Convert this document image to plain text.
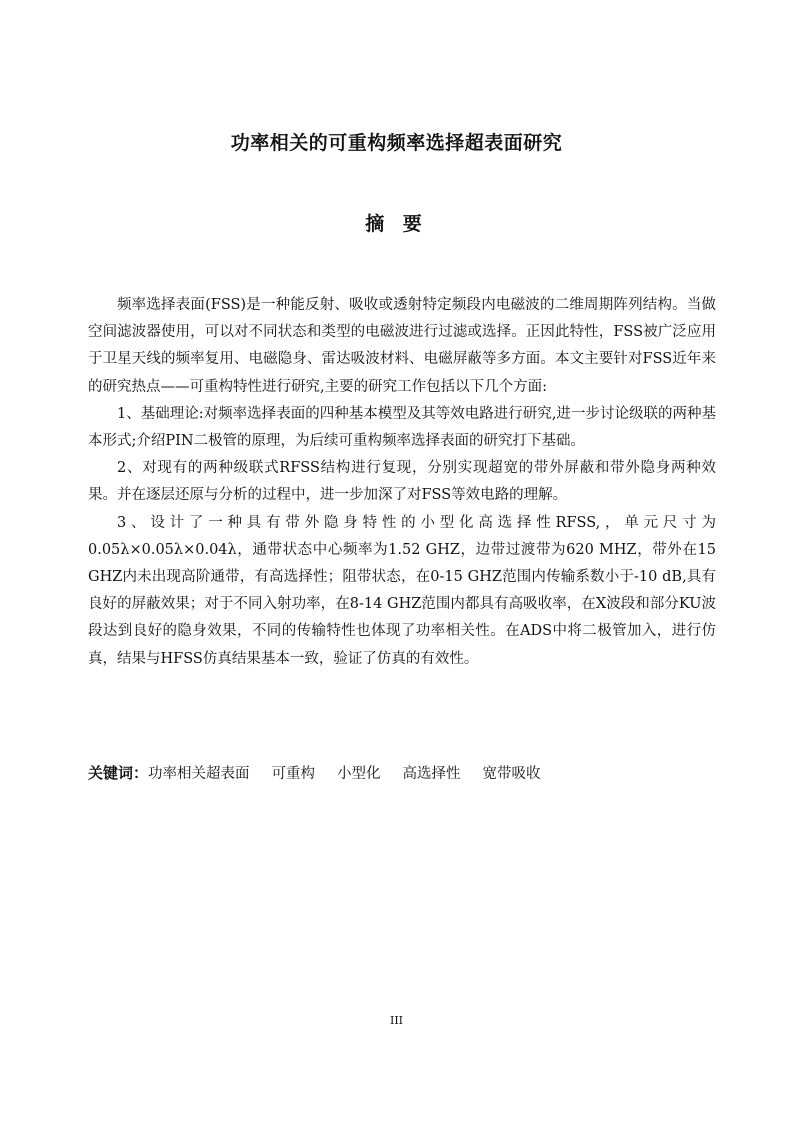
功率相关的可重构频率选择超表面研究
摘 要

频率选择表面(FSS)是一种能反射、吸收或透射特定频段内电磁波的二维周期阵列结构。当做空间滤波器使用，可以对不同状态和类型的电磁波进行过滤或选择。正因此特性，FSS被广泛应用于卫星天线的频率复用、电磁隐身、雷达吸波材料、电磁屏蔽等多方面。本文主要针对FSS近年来的研究热点——可重构特性进行研究,主要的研究工作包括以下几个方面:

1、基础理论:对频率选择表面的四种基本模型及其等效电路进行研究,进一步讨论级联的两种基本形式;介绍PIN二极管的原理，为后续可重构频率选择表面的研究打下基础。

2、对现有的两种级联式RFSS结构进行复现，分别实现超宽的带外屏蔽和带外隐身两种效果。并在逐层还原与分析的过程中，进一步加深了对FSS等效电路的理解。

3、设计了一种具有带外隐身特性的小型化高选择性RFSS,，单元尺寸为0.05λ×0.05λ×0.04λ，通带状态中心频率为1.52 GHZ，边带过渡带为620 MHZ，带外在15 GHZ内未出现高阶通带，有高选择性；阻带状态，在0-15 GHZ范围内传输系数小于-10 dB,具有良好的屏蔽效果；对于不同入射功率，在8-14 GHZ范围内都具有高吸收率，在X波段和部分KU波段达到良好的隐身效果，不同的传输特性也体现了功率相关性。在ADS中将二极管加入，进行仿真，结果与HFSS仿真结果基本一致，验证了仿真的有效性。

关键词：功率相关超表面 可重构 小型化 高选择性 宽带吸收
III
